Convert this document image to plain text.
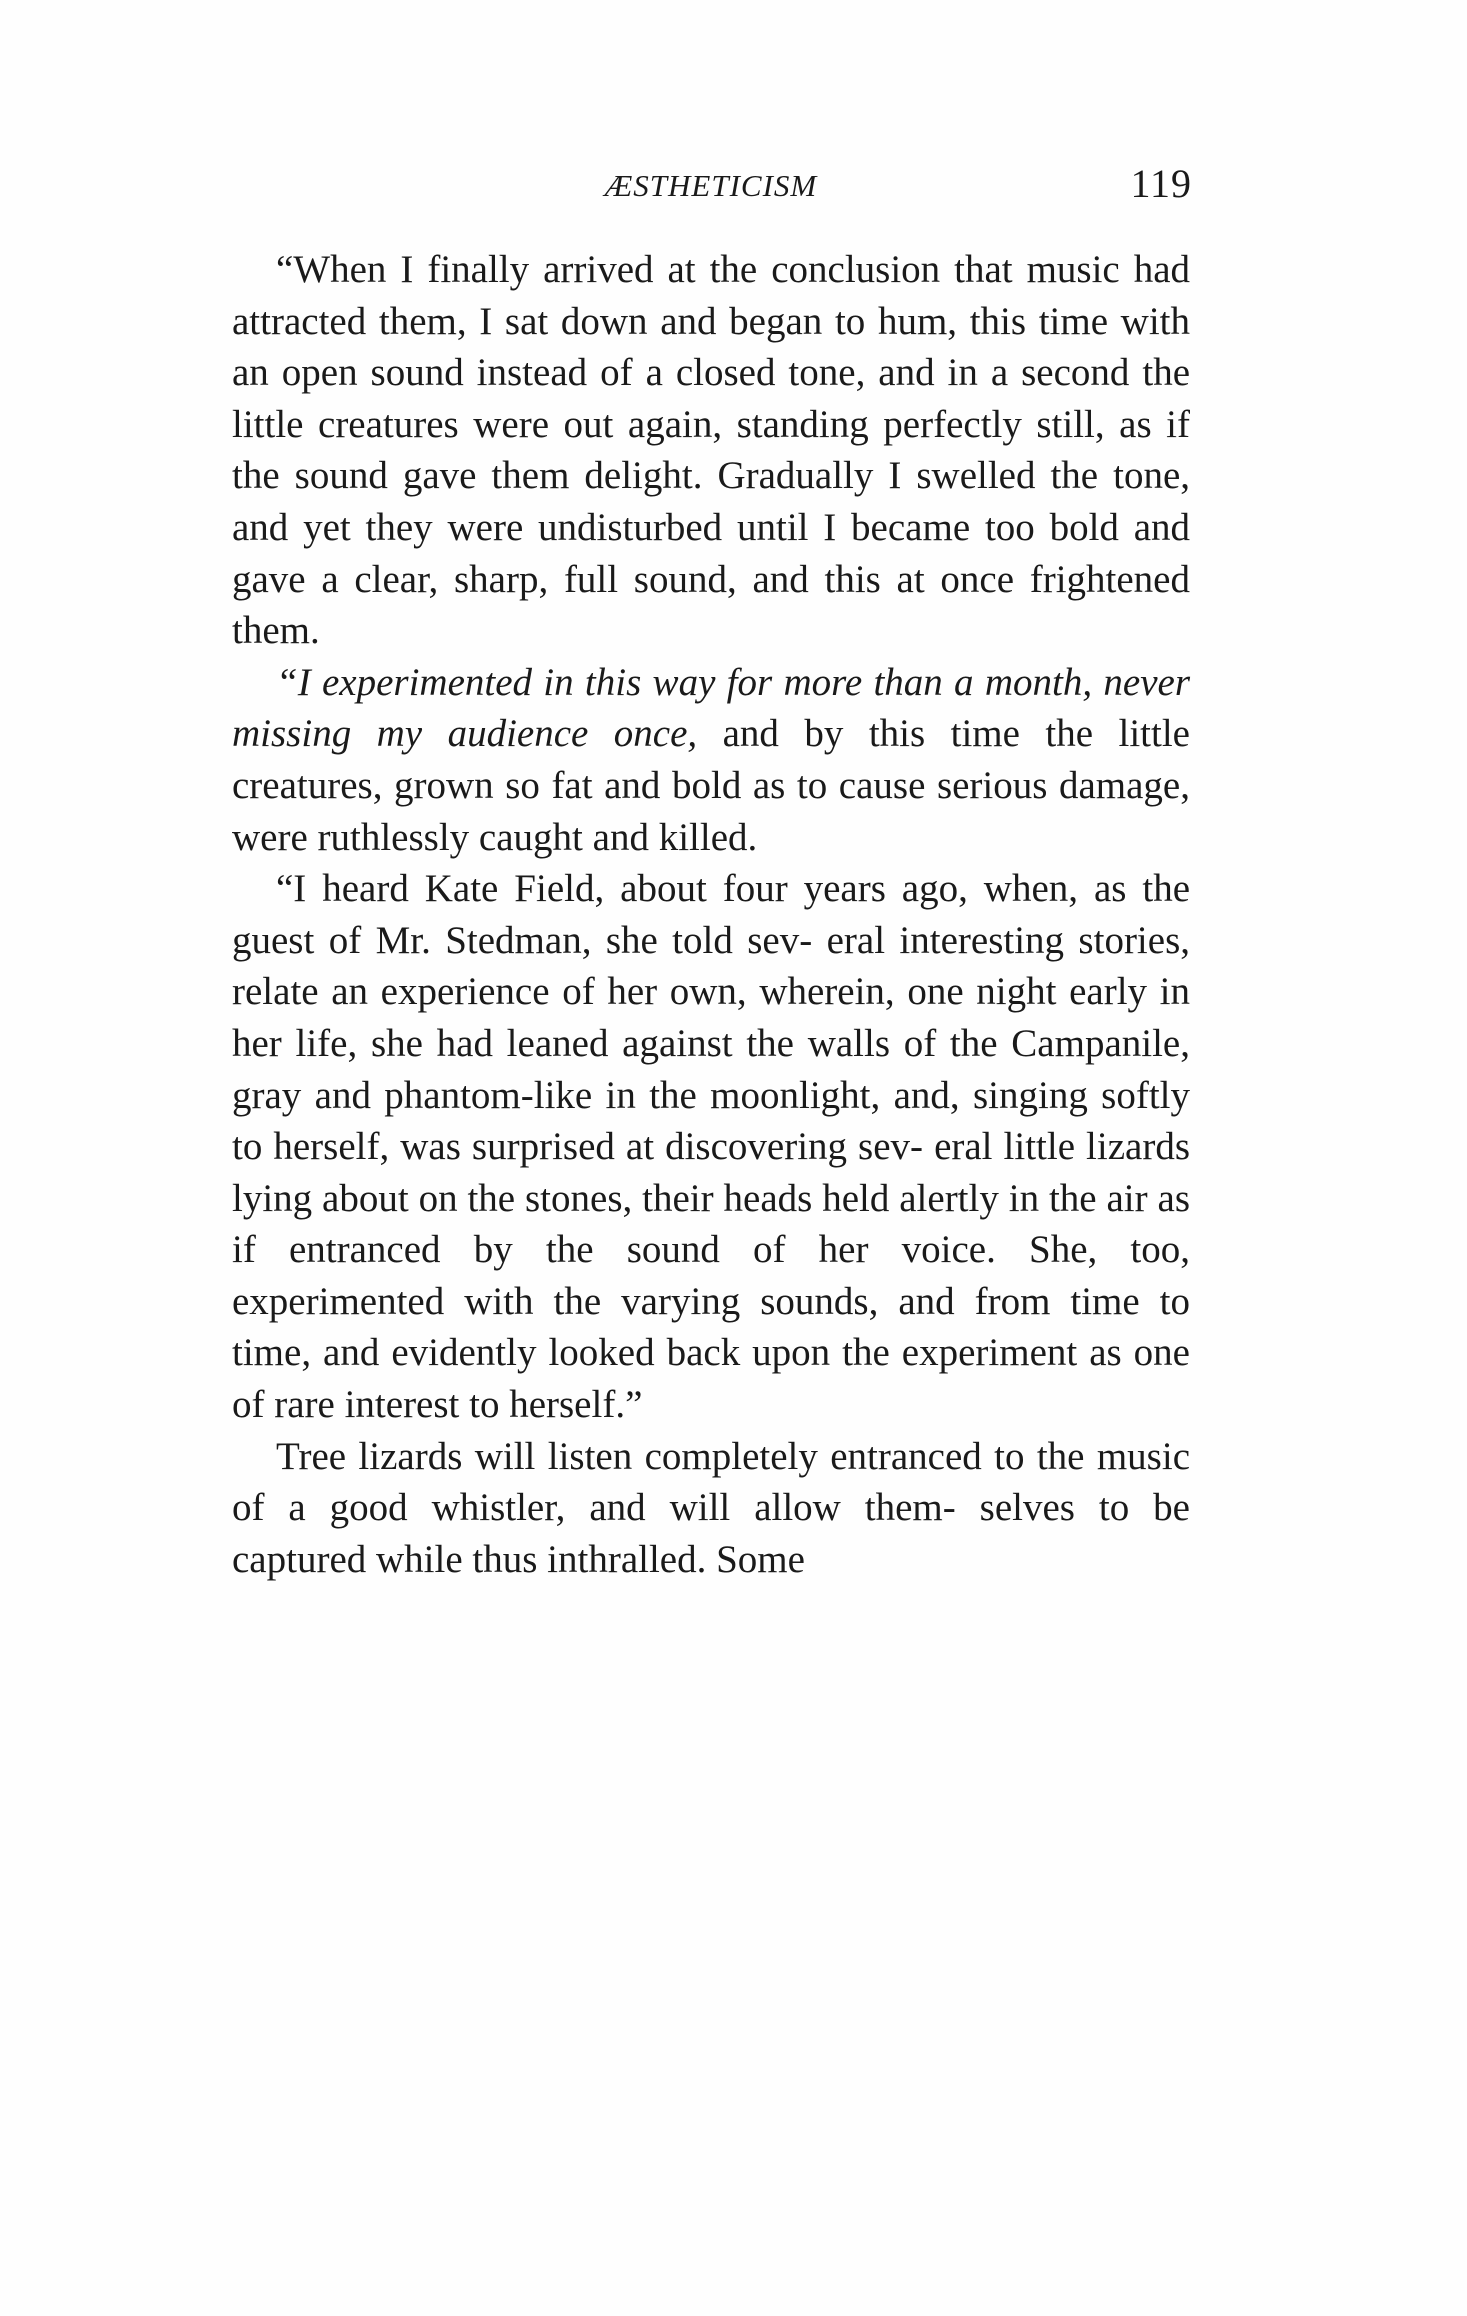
ÆSTHETICISM	119

“When I finally arrived at the conclusion that music had attracted them, I sat down and began to hum, this time with an open sound instead of a closed tone, and in a second the little creatures were out again, standing perfectly still, as if the sound gave them delight. Gradually I swelled the tone, and yet they were undisturbed until I became too bold and gave a clear, sharp, full sound, and this at once frightened them.

“I experimented in this way for more than a month, never missing my audience once, and by this time the little creatures, grown so fat and bold as to cause serious damage, were ruthlessly caught and killed.

“I heard Kate Field, about four years ago, when, as the guest of Mr. Stedman, she told sev- eral interesting stories, relate an experience of her own, wherein, one night early in her life, she had leaned against the walls of the Campanile, gray and phantom-like in the moonlight, and, singing softly to herself, was surprised at discovering sev- eral little lizards lying about on the stones, their heads held alertly in the air as if entranced by the sound of her voice. She, too, experimented with the varying sounds, and from time to time, and evidently looked back upon the experiment as one of rare interest to herself.”

Tree lizards will listen completely entranced to the music of a good whistler, and will allow them- selves to be captured while thus inthralled. Some
